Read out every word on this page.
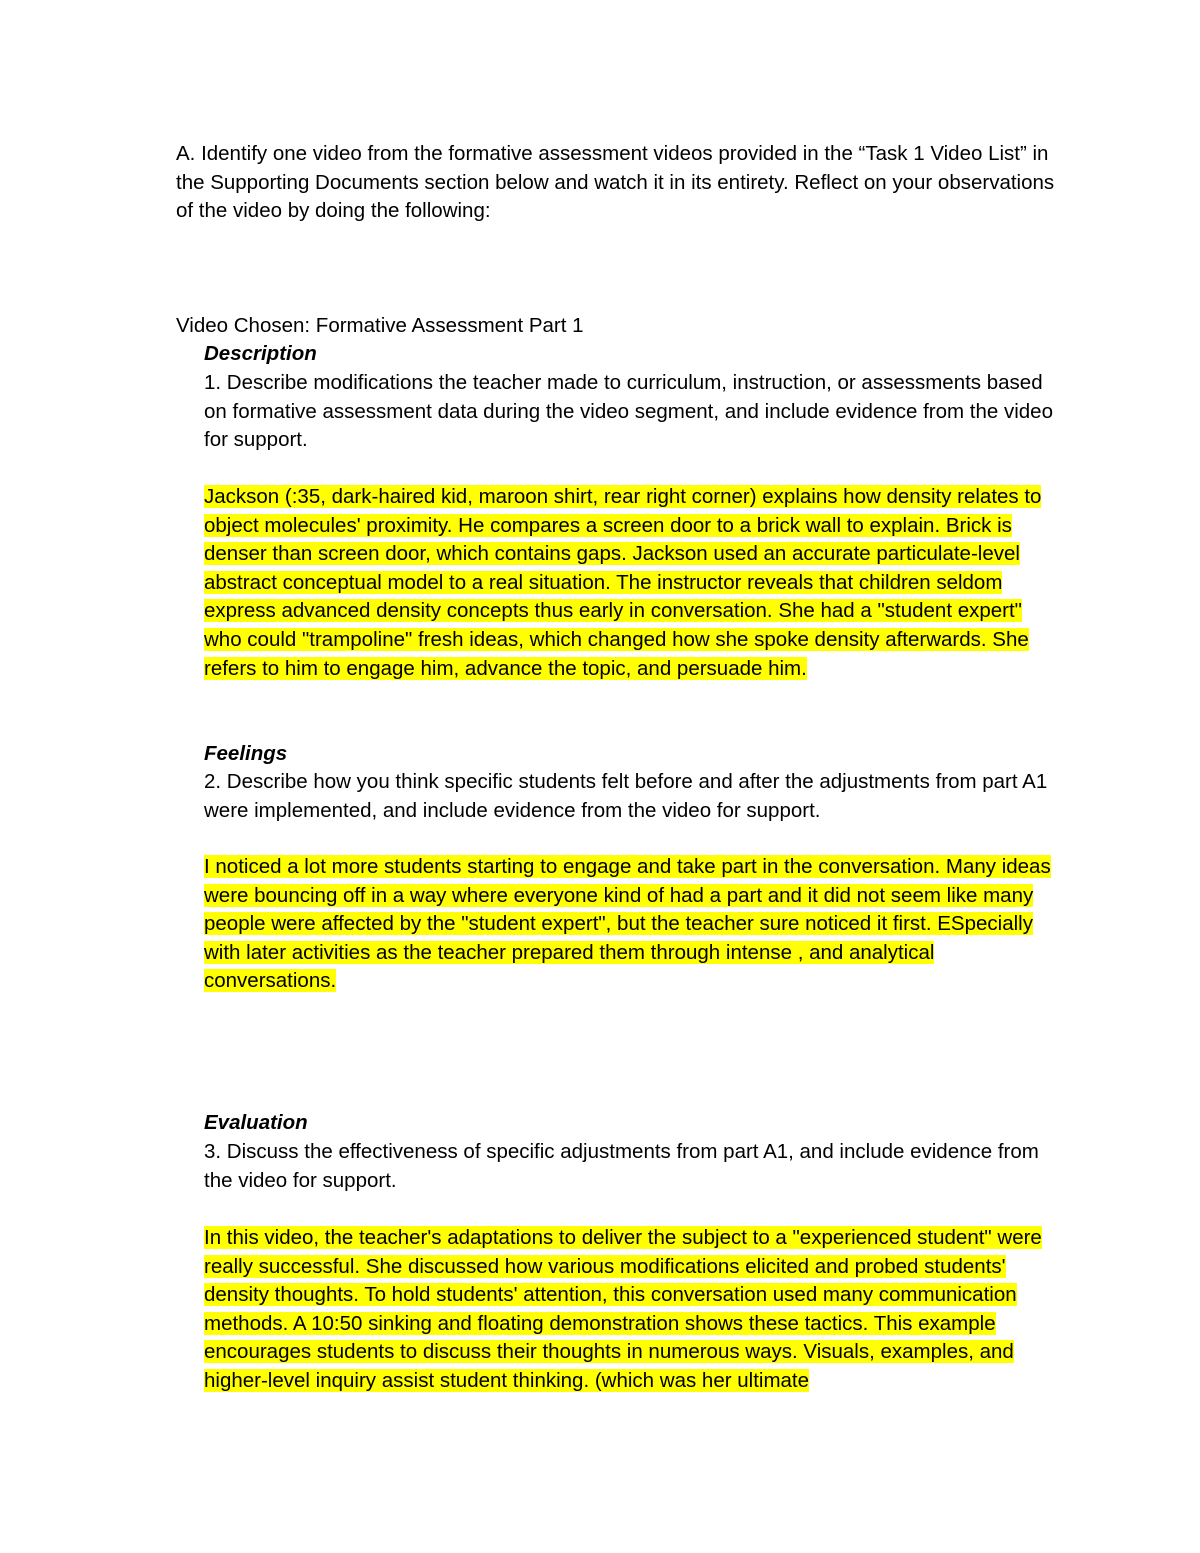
A. Identify one video from the formative assessment videos provided in the “Task 1 Video List” in the Supporting Documents section below and watch it in its entirety. Reflect on your observations of the video by doing the following:

Video Chosen: Formative Assessment Part 1

Description

1. Describe modifications the teacher made to curriculum, instruction, or assessments based on formative assessment data during the video segment, and include evidence from the video for support.

Jackson (:35, dark-haired kid, maroon shirt, rear right corner) explains how density relates to object molecules' proximity. He compares a screen door to a brick wall to explain. Brick is denser than screen door, which contains gaps. Jackson used an accurate particulate-level abstract conceptual model to a real situation. The instructor reveals that children seldom express advanced density concepts thus early in conversation. She had a "student expert" who could "trampoline" fresh ideas, which changed how she spoke density afterwards. She refers to him to engage him, advance the topic, and persuade him.

Feelings

2. Describe how you think specific students felt before and after the adjustments from part A1 were implemented, and include evidence from the video for support.

I noticed a lot more students starting to engage and take part in the conversation. Many ideas were bouncing off in a way where everyone kind of had a part and it did not seem like many people were affected by the "student expert", but the teacher sure noticed it first. ESpecially with later activities as the teacher prepared them through intense , and analytical conversations.

Evaluation

3. Discuss the effectiveness of specific adjustments from part A1, and include evidence from the video for support.

In this video, the teacher's adaptations to deliver the subject to a "experienced student" were really successful. She discussed how various modifications elicited and probed students' density thoughts. To hold students' attention, this conversation used many communication methods. A 10:50 sinking and floating demonstration shows these tactics. This example encourages students to discuss their thoughts in numerous ways. Visuals, examples, and higher-level inquiry assist student thinking. (which was her ultimate
